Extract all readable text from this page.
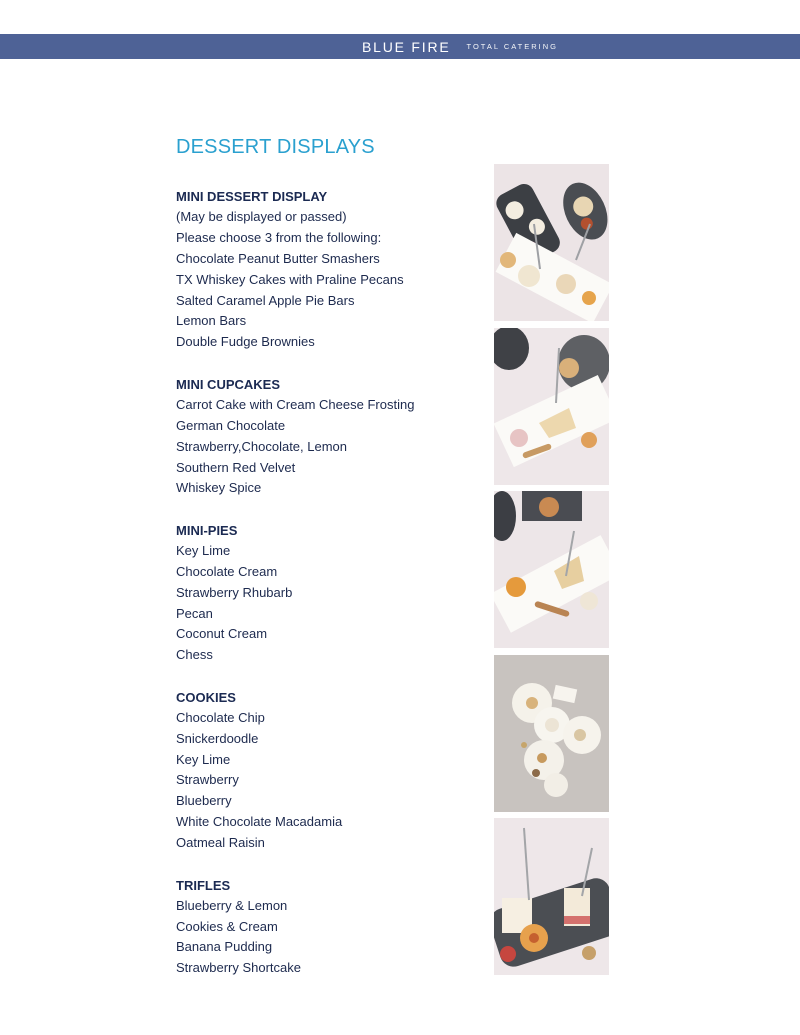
BLUE FIRE TOTAL CATERING
DESSERT DISPLAYS
MINI DESSERT DISPLAY
(May be displayed or passed)
Please choose 3 from the following:
Chocolate Peanut Butter Smashers
TX Whiskey Cakes with Praline Pecans
Salted Caramel Apple Pie Bars
Lemon Bars
Double Fudge Brownies
MINI CUPCAKES
Carrot Cake with Cream Cheese Frosting
German Chocolate
Strawberry,Chocolate, Lemon
Southern Red Velvet
Whiskey Spice
MINI-PIES
Key Lime
Chocolate Cream
Strawberry Rhubarb
Pecan
Coconut Cream
Chess
COOKIES
Chocolate Chip
Snickerdoodle
Key Lime
Strawberry
Blueberry
White Chocolate Macadamia
Oatmeal Raisin
TRIFLES
Blueberry & Lemon
Cookies & Cream
Banana Pudding
Strawberry Shortcake
